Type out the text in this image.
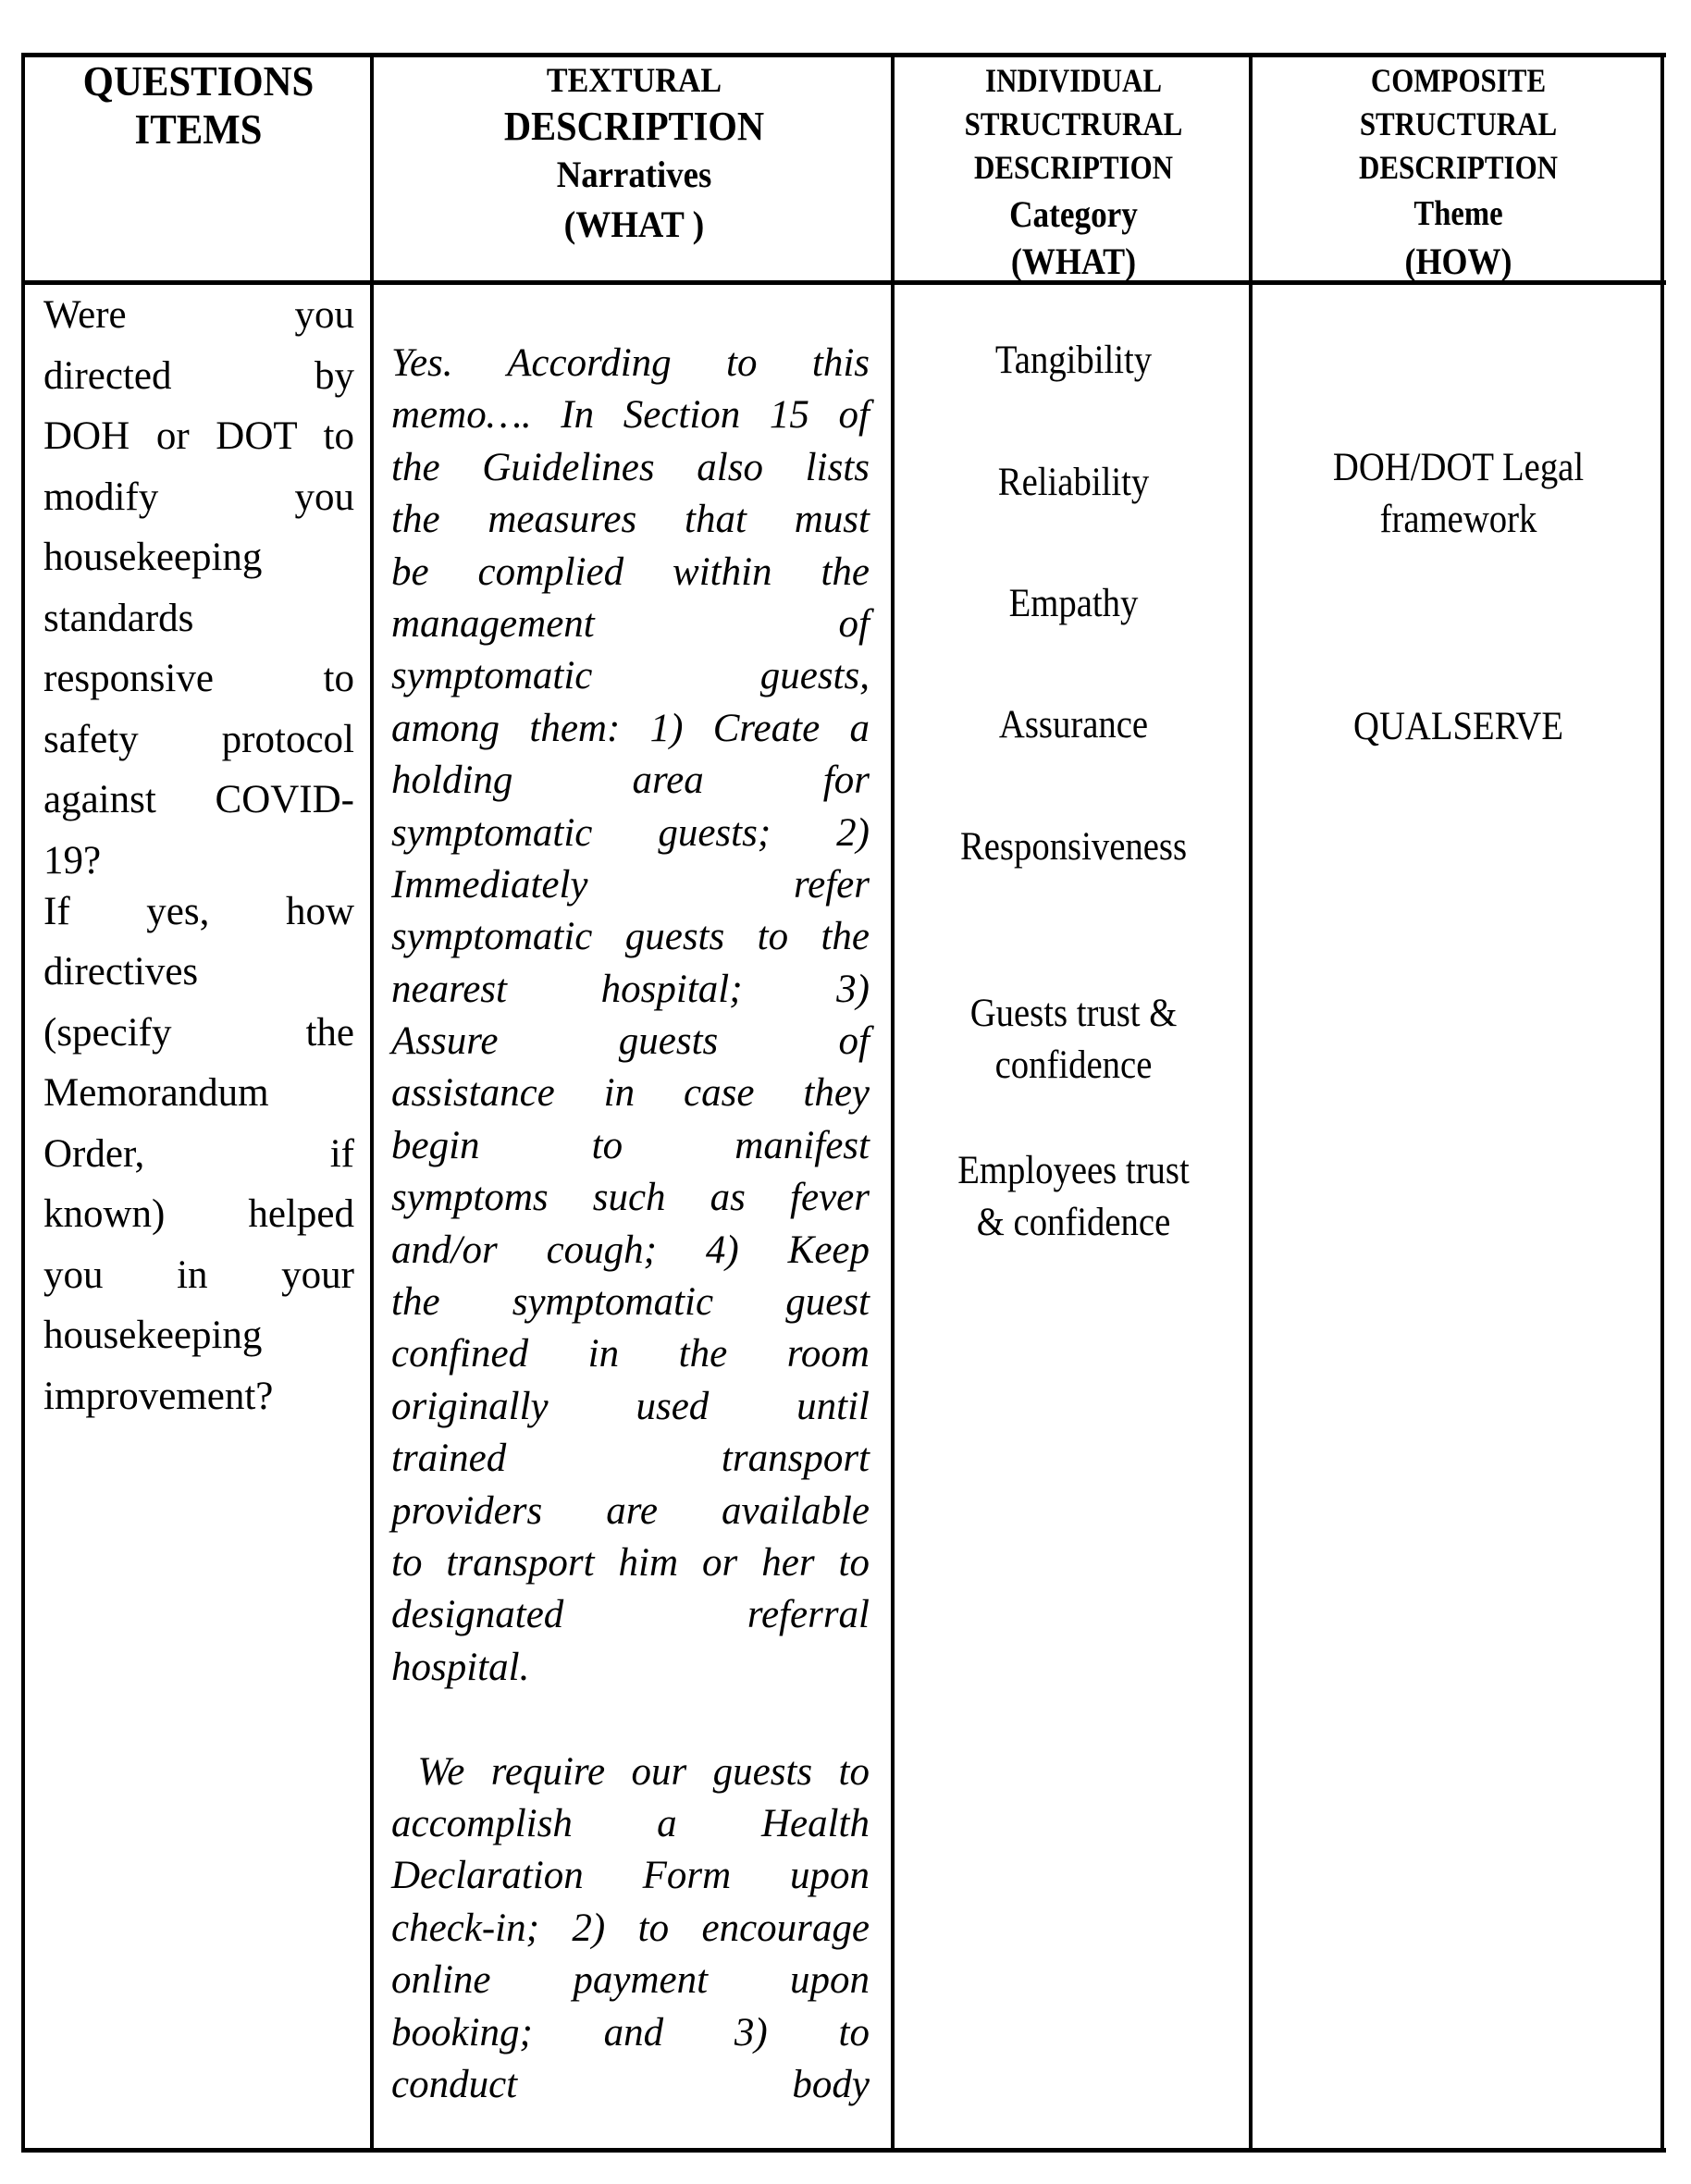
QUESTIONS
ITEMS
TEXTURAL
DESCRIPTION
Narratives
(WHAT )
INDIVIDUAL
STRUCTRURAL
DESCRIPTION
Category
(WHAT)
COMPOSITE
STRUCTURAL
DESCRIPTION
Theme
(HOW)
Were you
directed by
DOH or DOT to
modify you
housekeeping
standards
responsive to
safety protocol
against COVID-
19?
If yes, how
directives
(specify the
Memorandum
Order, if
known) helped
you in your
housekeeping
improvement?
Yes. According to this
memo…. In Section 15 of
the Guidelines also lists
the measures that must
be complied within the
management of
symptomatic guests,
among them: 1) Create a
holding area for
symptomatic guests; 2)
Immediately refer
symptomatic guests to the
nearest hospital; 3)
Assure guests of
assistance in case they
begin to manifest
symptoms such as fever
and/or cough; 4) Keep
the symptomatic guest
confined in the room
originally used until
trained transport
providers are available
to transport him or her to
designated referral
hospital.
We require our guests to
accomplish a Health
Declaration Form upon
check-in; 2) to encourage
online payment upon
booking; and 3) to
conduct body
Tangibility
Reliability
Empathy
Assurance
Responsiveness
Guests trust &
confidence
Employees trust
& confidence
DOH/DOT Legal
framework
QUALSERVE
